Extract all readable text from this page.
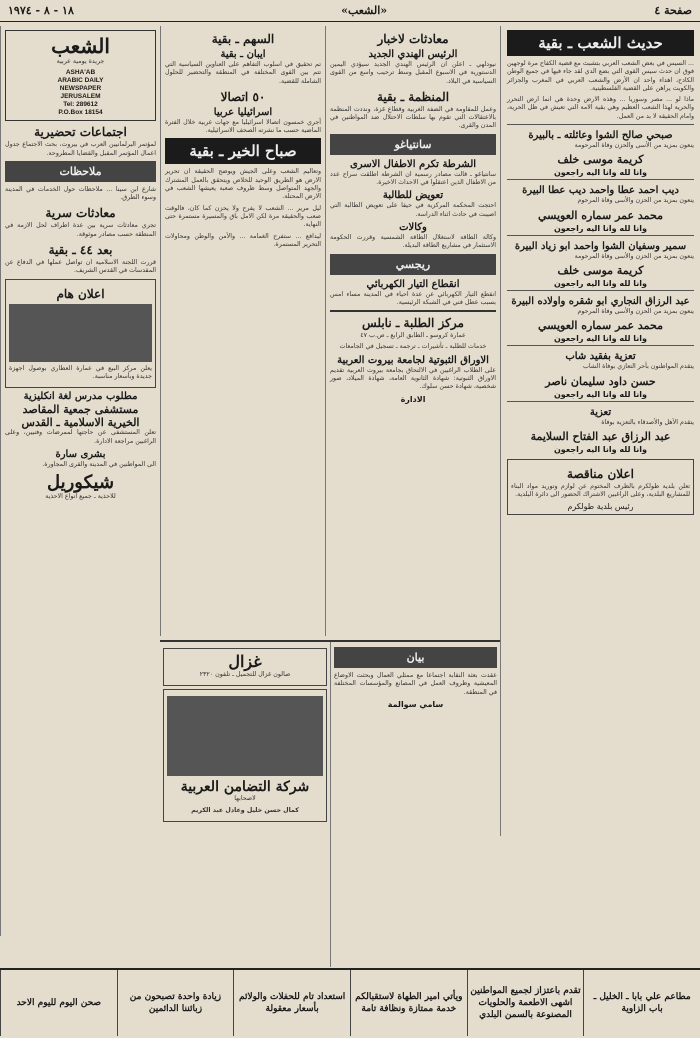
صفحة ٤
«الشعب»
١٨ - ٨ - ١٩٧٤
حديث الشعب ـ بقية

... السيس في بعض الشعب العربي بتشبث مع قضية الكفاح مرة لوجهين فوق ان حدث سيس القوى التي بضع الدي لقد جاء فيها في جميع الوطن الكادح، اهداء واحد ان الأرض والشعب العربي في المغرب والجزائر والكويت يراهن على القضية الفلسطينية.

ماذا لو ... مصر وسوريا ... وهذه الارض وحدة هي انما ارض التحرر والحرية لهذا الشعب العظيم وهي بقية الامة التي تعيش في ظل الحرية، وامام الحقيقة لا بد من العمل.

صبحي صالح الشوا وعائلته ـ بالبيرة
ينعون بمزيد من الأسى والحزن وفاة المرحومة
كريمة موسى خلف
وانا لله وانا اليه راجعون
ديب احمد عطا واحمد ديب عطا البيرة
ينعون بمزيد من الحزن والأسى وفاة المرحوم
محمد عمر سماره العويسي
وانا لله وانا اليه راجعون
سمير وسفيان الشوا واحمد ابو زياد البيرة
ينعون بمزيد من الحزن والأسى وفاة المرحومة
كريمة موسى خلف
وانا لله وانا اليه راجعون
عبد الرزاق النجاري ابو شقره واولاده البيرة
ينعون بمزيد من الحزن والأسى وفاة المرحوم
محمد عمر سماره العويسي
وانا لله وانا اليه راجعون
تعزية بفقيد شاب
يتقدم المواطنون بأحر التعازي بوفاة الشاب
حسن داود سليمان ناصر
وانا لله وانا اليه راجعون
تعزية
يتقدم الأهل والأصدقاء بالتعزية بوفاة
عبد الرزاق عبد الفتاح السلايمة
وانا لله وانا اليه راجعون
اعلان مناقصة

تعلن بلدية طولكرم بالظرف المختوم عن لوازم وتوريد مواد البناء للمشاريع البلدية، وعلى الراغبين الاشتراك الحضور الى دائرة البلدية.

رئيس بلدية طولكرم
معادثات لاخبار
الرئيس الهندي الجديد

نيودلهي ـ اعلن ان الرئيس الهندي الجديد سيؤدي اليمين الدستورية في الاسبوع المقبل وسط ترحيب واسع من القوى السياسية في البلاد.

المنظمة ـ بقية

وعمل للمقاومة في الضفة الغربية وقطاع غزة، ونددت المنظمة بالاعتقالات التي تقوم بها سلطات الاحتلال ضد المواطنين في المدن والقرى.

سانتياغو
الشرطة تكرم الاطفال الاسرى

سانتياغو ـ قالت مصادر رسمية ان الشرطة اطلقت سراح عدد من الاطفال الذين اعتقلوا في الاحداث الاخيرة.

تعويض للطالبة

احتجت المحكمة المركزية في حيفا على تعويض الطالبة التي اصيبت في حادث اثناء الدراسة.

وكالات

وكالة الطاقة لاستغلال الطاقة الشمسية وقررت الحكومة الاستثمار في مشاريع الطاقة البديلة.

ريجسي
انقطاع التيار الكهربائي

انقطع التيار الكهربائي عن عدة احياء في المدينة مساء امس بسبب عطل فني في الشبكة الرئيسية.

مركز الطلبة ـ نابلس
عمارة كروسو ـ الطابق الرابع ـ ص.ب ٤٧
خدمات للطلبة ـ تأشيرات ـ ترجمة ـ تسجيل في الجامعات
الاوراق الثبوتية لجامعة بيروت العربية

على الطلاب الراغبين في الالتحاق بجامعة بيروت العربية تقديم الاوراق الثبوتية: شهادة الثانوية العامة، شهادة الميلاد، صور شخصية، شهادة حسن سلوك.

الادارة
السهم ـ بقية
ايبان ـ بقية

تم تحقيق في اسلوب التفاهم على العناوين السياسية التي تتم بين القوى المختلفة في المنطقة والتحضير للحلول الشاملة للقضية.

٥٠ اتصالا
اسرائيليا عربيا

أجري خمسون اتصالا اسرائيليا مع جهات عربية خلال الفترة الماضية حسب ما نشرته الصحف الاسرائيلية.

صباح الخير ـ بقية

وتعاليم الشعب وعلى الجيش ويوضح الحقيقة ان تحرير الارض هو الطريق الوحيد للخلاص ويتحقق بالعمل المشترك والجهد المتواصل وسط ظروف صعبة يعيشها الشعب في الارض المحتلة.

ليل مرير ... الشعب لا يفرح ولا يحزن كما كان، فالوقت صعب والحقيقة مرة لكن الامل باق والمسيرة مستمرة حتى النهاية.

ليدافع ... ستفرح الغمامة ... والأمن والوطن ومحاولات التحرير المستمرة.

الشعب
جريدة يومية عربية
ASHA'AB
ARABIC DAILY
NEWSPAPER
JERUSALEM
Tel: 289612
P.O.Box 18154
اجتماعات تحضيرية

لمؤتمر البرلمانيين العرب في بيروت، بحث الاجتماع جدول اعمال المؤتمر المقبل والقضايا المطروحة.

ملاحظات

شارع ابن سينا ... ملاحظات حول الخدمات في المدينة وسوء الطرق.

معادثات سرية

تجري معادثات سرية بين عدة اطراف لحل الازمة في المنطقة حسب مصادر موثوقة.

بعد ٤٤ ـ بقية

قررت اللجنة الاسلامية ان تواصل عملها في الدفاع عن المقدسات في القدس الشريف.

اعلان هام

يعلن مركز البيع في عمارة العطاري بوصول اجهزة جديدة وبأسعار مناسبة.

مطلوب مدرس لغة انكليزية
مستشفى جمعية المقاصد الخيرية الاسلامية ـ القدس

تعلن المستشفى عن حاجتها لممرضات وفنيين، وعلى الراغبين مراجعة الادارة.

بشرى سارة

الى المواطنين في المدينة والقرى المجاورة.

شيكوريل

للاحذية ـ جميع انواع الاحذية

بيان

عقدت بعثة النقابة اجتماعا مع ممثلي العمال وبحثت الاوضاع المعيشية وظروف العمل في المصانع والمؤسسات المختلفة في المنطقة.

سامي سوالمة
غزال
صالون غزال للتجميل ـ تلفون ٢٣٢٠
شركة التضامن العربية
لاصحابها
كمال حسن خليل وعادل عبد الكريم
مطاعم علي بابا ـ الخليل ـ باب الزاوية
تقدم باعتزاز لجميع المواطنين اشهى الاطعمة والحلويات المصنوعة بالسمن البلدي
ويأتي امير الطهاة لاستقبالكم خدمة ممتازة ونظافة تامة
استعداد تام للحفلات والولائم بأسعار معقولة
زيادة واحدة تصبحون من زبائننا الدائمين
صحن اليوم لليوم الاحد
